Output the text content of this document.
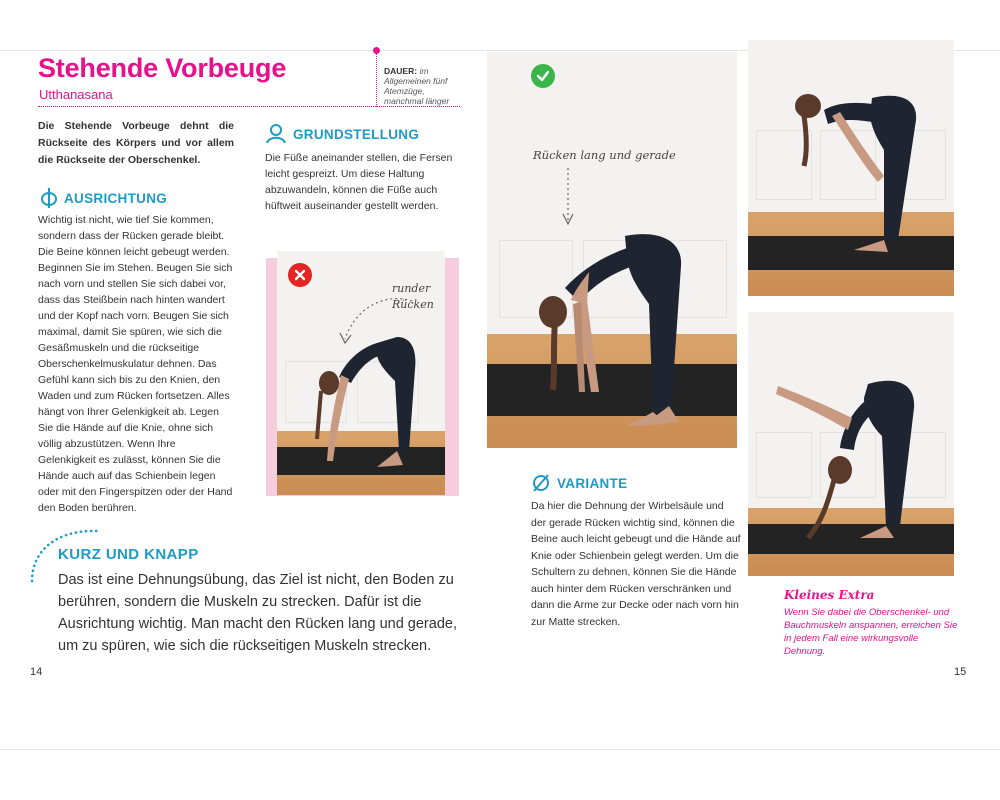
Stehende Vorbeuge
Utthanasana
DAUER: im Allgemeinen fünf Atemzüge, manchmal länger
Die Stehende Vorbeuge dehnt die Rückseite des Körpers und vor allem die Rückseite der Oberschenkel.
AUSRICHTUNG
Wichtig ist nicht, wie tief Sie kommen, sondern dass der Rücken gerade bleibt. Die Beine können leicht gebeugt werden. Beginnen Sie im Stehen. Beugen Sie sich nach vorn und stellen Sie sich dabei vor, dass das Steißbein nach hinten wandert und der Kopf nach vorn. Beugen Sie sich maximal, damit Sie spüren, wie sich die Gesäßmuskeln und die rückseitige Oberschenkelmuskulatur dehnen. Das Gefühl kann sich bis zu den Knien, den Waden und zum Rücken fortsetzen. Alles hängt von Ihrer Gelenkigkeit ab. Legen Sie die Hände auf die Knie, ohne sich völlig abzustützen. Wenn Ihre Gelenkigkeit es zulässt, können Sie die Hände auch auf das Schienbein legen oder mit den Fingerspitzen oder der Hand den Boden berühren.
GRUNDSTELLUNG
Die Füße aneinander stellen, die Fersen leicht gespreizt. Um diese Haltung abzuwandeln, können die Füße auch hüftweit auseinander gestellt werden.
runder
Rücken
KURZ UND KNAPP
Das ist eine Dehnungsübung, das Ziel ist nicht, den Boden zu berühren, sondern die Muskeln zu strecken. Dafür ist die Ausrichtung wichtig. Man macht den Rücken lang und gerade, um zu spüren, wie sich die rückseitigen Muskeln strecken.
14
Rücken lang und gerade
VARIANTE
Da hier die Dehnung der Wirbelsäule und der gerade Rücken wichtig sind, können die Beine auch leicht gebeugt und die Hände auf Knie oder Schienbein gelegt werden. Um die Schultern zu dehnen, können Sie die Hände auch hinter dem Rücken verschränken und dann die Arme zur Decke oder nach vorn hin zur Matte strecken.
Kleines Extra
Wenn Sie dabei die Oberschenkel- und Bauchmuskeln anspannen, erreichen Sie in jedem Fall eine wirkungsvolle Dehnung.
15
